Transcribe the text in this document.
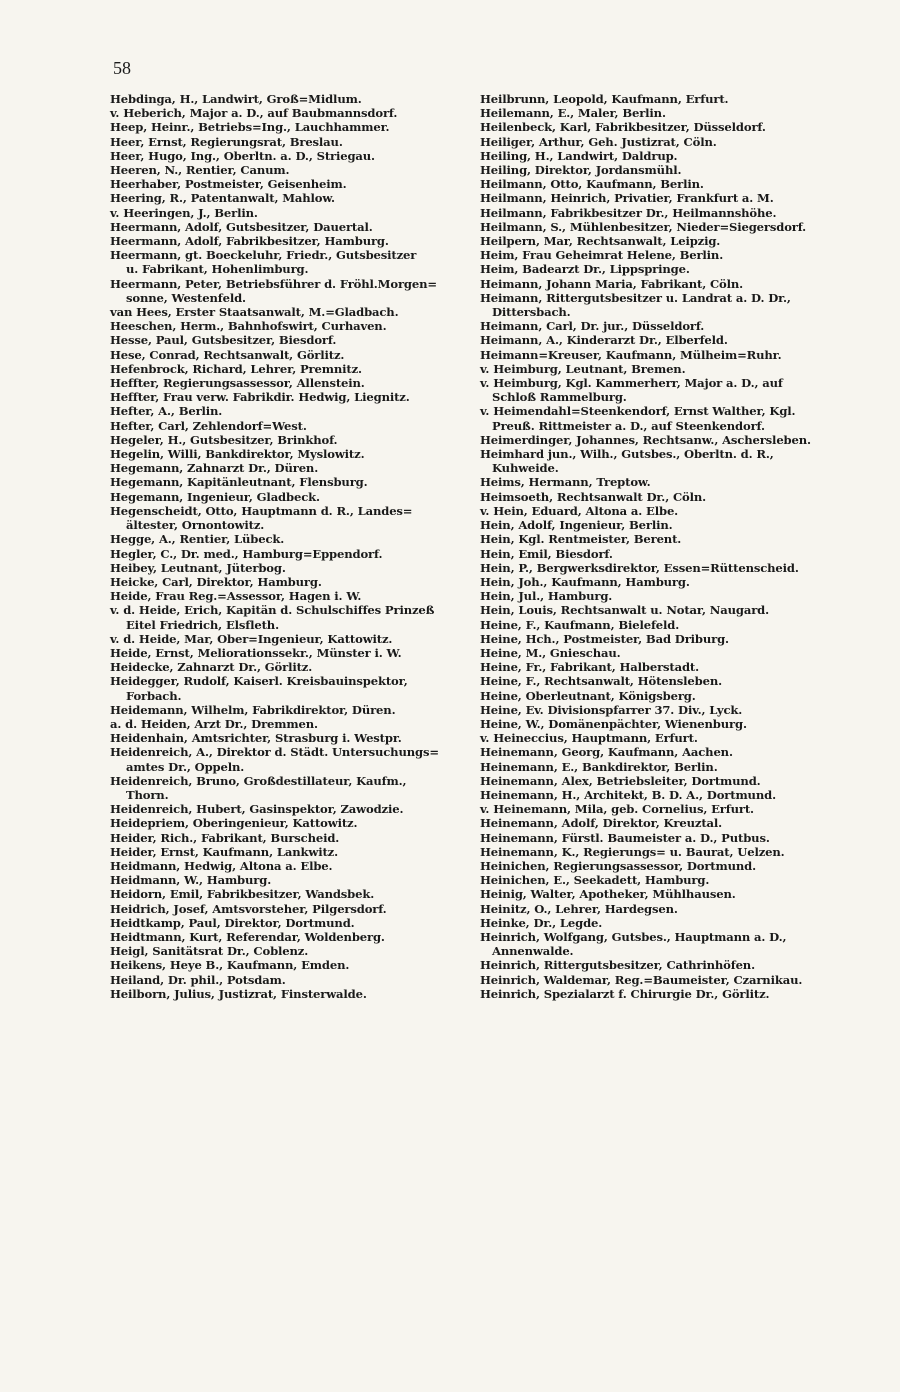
58
Hebdinga, H., Landwirt, Groß=Midlum.
v. Heberich, Major a. D., auf Baubmannsdorf.
Heep, Heinr., Betriebs=Ing., Lauchhammer.
Heer, Ernst, Regierungsrat, Breslau.
Heer, Hugo, Ing., Oberltn. a. D., Striegau.
Heeren, N., Rentier, Canum.
Heerhaber, Postmeister, Geisenheim.
Heering, R., Patentanwalt, Mahlow.
v. Heeringen, J., Berlin.
Heermann, Adolf, Gutsbesitzer, Dauertal.
Heermann, Adolf, Fabrikbesitzer, Hamburg.
Heermann, gt. Boeckeluhr, Friedr., Gutsbesitzer
u. Fabrikant, Hohenlimburg.
Heermann, Peter, Betriebsführer d. Fröhl.Morgen=
sonne, Westenfeld.
van Hees, Erster Staatsanwalt, M.=Gladbach.
Heeschen, Herm., Bahnhofswirt, Curhaven.
Hesse, Paul, Gutsbesitzer, Biesdorf.
Hese, Conrad, Rechtsanwalt, Görlitz.
Hefenbrock, Richard, Lehrer, Premnitz.
Heffter, Regierungsassessor, Allenstein.
Heffter, Frau verw. Fabrikdir. Hedwig, Liegnitz.
Hefter, A., Berlin.
Hefter, Carl, Zehlendorf=West.
Hegeler, H., Gutsbesitzer, Brinkhof.
Hegelin, Willi, Bankdirektor, Myslowitz.
Hegemann, Zahnarzt Dr., Düren.
Hegemann, Kapitänleutnant, Flensburg.
Hegemann, Ingenieur, Gladbeck.
Hegenscheidt, Otto, Hauptmann d. R., Landes=
ältester, Ornontowitz.
Hegge, A., Rentier, Lübeck.
Hegler, C., Dr. med., Hamburg=Eppendorf.
Heibey, Leutnant, Jüterbog.
Heicke, Carl, Direktor, Hamburg.
Heide, Frau Reg.=Assessor, Hagen i. W.
v. d. Heide, Erich, Kapitän d. Schulschiffes Prinzeß
Eitel Friedrich, Elsfleth.
v. d. Heide, Mar, Ober=Ingenieur, Kattowitz.
Heide, Ernst, Meliorationssekr., Münster i. W.
Heidecke, Zahnarzt Dr., Görlitz.
Heidegger, Rudolf, Kaiserl. Kreisbauinspektor,
Forbach.
Heidemann, Wilhelm, Fabrikdirektor, Düren.
a. d. Heiden, Arzt Dr., Dremmen.
Heidenhain, Amtsrichter, Strasburg i. Westpr.
Heidenreich, A., Direktor d. Städt. Untersuchungs=
amtes Dr., Oppeln.
Heidenreich, Bruno, Großdestillateur, Kaufm.,
Thorn.
Heidenreich, Hubert, Gasinspektor, Zawodzie.
Heidepriem, Oberingenieur, Kattowitz.
Heider, Rich., Fabrikant, Burscheid.
Heider, Ernst, Kaufmann, Lankwitz.
Heidmann, Hedwig, Altona a. Elbe.
Heidmann, W., Hamburg.
Heidorn, Emil, Fabrikbesitzer, Wandsbek.
Heidrich, Josef, Amtsvorsteher, Pilgersdorf.
Heidtkamp, Paul, Direktor, Dortmund.
Heidtmann, Kurt, Referendar, Woldenberg.
Heigl, Sanitätsrat Dr., Coblenz.
Heikens, Heye B., Kaufmann, Emden.
Heiland, Dr. phil., Potsdam.
Heilborn, Julius, Justizrat, Finsterwalde.
Heilbrunn, Leopold, Kaufmann, Erfurt.
Heilemann, E., Maler, Berlin.
Heilenbeck, Karl, Fabrikbesitzer, Düsseldorf.
Heiliger, Arthur, Geh. Justizrat, Cöln.
Heiling, H., Landwirt, Daldrup.
Heiling, Direktor, Jordansmühl.
Heilmann, Otto, Kaufmann, Berlin.
Heilmann, Heinrich, Privatier, Frankfurt a. M.
Heilmann, Fabrikbesitzer Dr., Heilmannshöhe.
Heilmann, S., Mühlenbesitzer, Nieder=Siegersdorf.
Heilpern, Mar, Rechtsanwalt, Leipzig.
Heim, Frau Geheimrat Helene, Berlin.
Heim, Badearzt Dr., Lippspringe.
Heimann, Johann Maria, Fabrikant, Cöln.
Heimann, Rittergutsbesitzer u. Landrat a. D. Dr.,
Dittersbach.
Heimann, Carl, Dr. jur., Düsseldorf.
Heimann, A., Kinderarzt Dr., Elberfeld.
Heimann=Kreuser, Kaufmann, Mülheim=Ruhr.
v. Heimburg, Leutnant, Bremen.
v. Heimburg, Kgl. Kammerherr, Major a. D., auf
Schloß Rammelburg.
v. Heimendahl=Steenkendorf, Ernst Walther, Kgl.
Preuß. Rittmeister a. D., auf Steenkendorf.
Heimerdinger, Johannes, Rechtsanw., Aschersleben.
Heimhard jun., Wilh., Gutsbes., Oberltn. d. R.,
Kuhweide.
Heims, Hermann, Treptow.
Heimsoeth, Rechtsanwalt Dr., Cöln.
v. Hein, Eduard, Altona a. Elbe.
Hein, Adolf, Ingenieur, Berlin.
Hein, Kgl. Rentmeister, Berent.
Hein, Emil, Biesdorf.
Hein, P., Bergwerksdirektor, Essen=Rüttenscheid.
Hein, Joh., Kaufmann, Hamburg.
Hein, Jul., Hamburg.
Hein, Louis, Rechtsanwalt u. Notar, Naugard.
Heine, F., Kaufmann, Bielefeld.
Heine, Hch., Postmeister, Bad Driburg.
Heine, M., Gnieschau.
Heine, Fr., Fabrikant, Halberstadt.
Heine, F., Rechtsanwalt, Hötensleben.
Heine, Oberleutnant, Königsberg.
Heine, Ev. Divisionspfarrer 37. Div., Lyck.
Heine, W., Domänenpächter, Wienenburg.
v. Heineccius, Hauptmann, Erfurt.
Heinemann, Georg, Kaufmann, Aachen.
Heinemann, E., Bankdirektor, Berlin.
Heinemann, Alex, Betriebsleiter, Dortmund.
Heinemann, H., Architekt, B. D. A., Dortmund.
v. Heinemann, Mila, geb. Cornelius, Erfurt.
Heinemann, Adolf, Direktor, Kreuztal.
Heinemann, Fürstl. Baumeister a. D., Putbus.
Heinemann, K., Regierungs= u. Baurat, Uelzen.
Heinichen, Regierungsassessor, Dortmund.
Heinichen, E., Seekadett, Hamburg.
Heinig, Walter, Apotheker, Mühlhausen.
Heinitz, O., Lehrer, Hardegsen.
Heinke, Dr., Legde.
Heinrich, Wolfgang, Gutsbes., Hauptmann a. D.,
Annenwalde.
Heinrich, Rittergutsbesitzer, Cathrinhöfen.
Heinrich, Waldemar, Reg.=Baumeister, Czarnikau.
Heinrich, Spezialarzt f. Chirurgie Dr., Görlitz.
